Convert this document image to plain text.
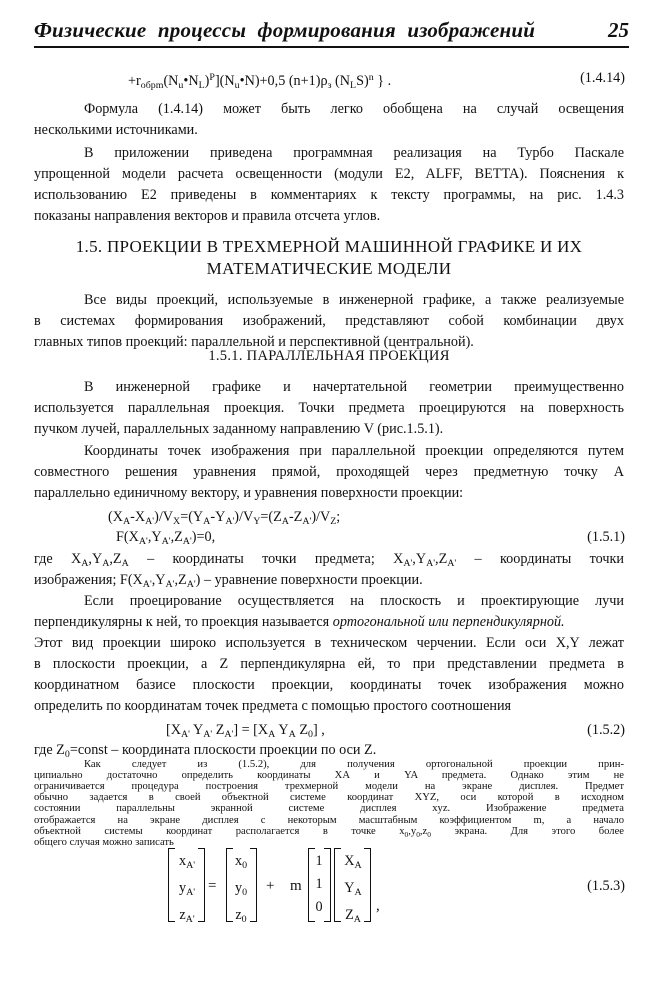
Физические процессы формирования изображений	25
$+r_{обрm}(N_u•N_L)^P](N_u•N)+0,5$ $(n+1)\rho_з$ $(N_LS)^n$ } .	(1.4.14)
Формула (1.4.14) может быть легко обобщена на случай освещения
несколькими источниками.
В приложении приведена программная реализация на Турбо Паскале
упрощенной модели расчета освещенности (модули E2, ALFF, BETTA). Пояснения к
использованию E2 приведены в комментариях к тексту программы, на рис. 1.4.3
показаны направления векторов и правила отсчета углов.
1.5. ПРОЕКЦИИ В ТРЕХМЕРНОЙ МАШИННОЙ ГРАФИКЕ И ИХ
МАТЕМАТИЧЕСКИЕ МОДЕЛИ
Все виды проекций, используемые в инженерной графике, а также реализуемые
в системах формирования изображений, представляют собой комбинации двух
главных типов проекций: параллельной и перспективной (центральной).
1.5.1. ПАРАЛЛЕЛЬНАЯ ПРОЕКЦИЯ
В инженерной графике и начертательной геометрии преимущественно
используется параллельная проекция. Точки предмета проецируются на поверхность
пучком лучей, параллельных заданному направлению V (рис.1.5.1).
Координаты точек изображения при параллельной проекции определяются путем
совместного решения уравнения прямой, проходящей через предметную точку А
параллельно единичному вектору, и уравнения поверхности проекции:
$(X_A-X_{A'})/V_X=(Y_A-Y_{A'})/V_Y=(Z_A-Z_{A'})/V_Z$;
$F(X_{A'},Y_{A'},Z_{A'})=0$,	(1.5.1)
где $X_A,Y_A,Z_A$ – координаты точки предмета; $X_{A'},Y_{A'},Z_{A'}$ – координаты точки
изображения; $F(X_{A'},Y_{A'},Z_{A'})$ – уравнение поверхности проекции.
Если проецирование осуществляется на плоскость и проектирующие лучи
перпендикулярны к ней, то проекция называется ортогональной или перпендикулярной.
Этот вид проекции широко используется в техническом черчении. Если оси X,Y лежат
в плоскости проекции, а Z перпендикулярна ей, то при представлении предмета в
координатном базисе плоскости проекции, координаты точек изображения можно
определить по координатам точек предмета с помощью простого соотношения
[$X_{A'}$ $Y_{A'}$ $Z_{A'}] = [X_A$ $Y_A$ $Z_0$] ,	(1.5.2)
где $Z_0=const$ – координата плоскости проекции по оси Z.
$x_{A'}$
$y_{A'}$
$z_{A'}$
=
$x_0$
$y_0$
$z_0$
+ m
1
1
0
$X_A$
$Y_A$
$Z_A$
,
(1.5.3)
Как следует из (1.5.2), для получения ортогональной проекции прин-
ципиально достаточно определить координаты ХА и YA предмета. Однако этим не
ограничивается процедура построения трехмерной модели на экране дисплея. Предмет
обычно задается в своей объектной системе координат XYZ, оси которой в исходном
состоянии параллельны экранной системе дисплея xyz. Изображение предмета
отображается на экране дисплея с некоторым масштабным коэффициентом m, а начало
объектной системы координат располагается в точке $x_0,y_0,z_0$ экрана. Для этого более
общего случая можно записать
